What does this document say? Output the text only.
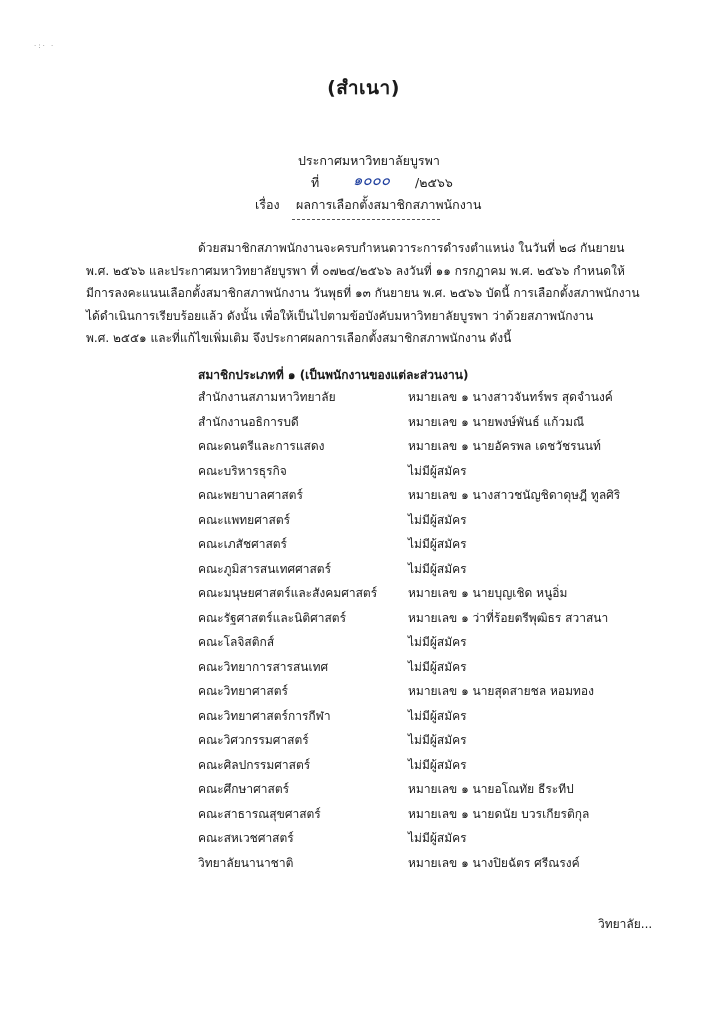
·:· ·
(สำเนา)
ประกาศมหาวิทยาลัยบูรพา
ที่ ๑๐๐๐ /๒๕๖๖
เรื่อง ผลการเลือกตั้งสมาชิกสภาพนักงาน
ด้วยสมาชิกสภาพนักงานจะครบกำหนดวาระการดำรงตำแหน่ง ในวันที่ ๒๘ กันยายน
พ.ศ. ๒๕๖๖ และประกาศมหาวิทยาลัยบูรพา ที่ ๐๗๒๔/๒๕๖๖ ลงวันที่ ๑๑ กรกฎาคม พ.ศ. ๒๕๖๖ กำหนดให้
มีการลงคะแนนเลือกตั้งสมาชิกสภาพนักงาน วันพุธที่ ๑๓ กันยายน พ.ศ. ๒๕๖๖ บัดนี้ การเลือกตั้งสภาพนักงาน
ได้ดำเนินการเรียบร้อยแล้ว ดังนั้น เพื่อให้เป็นไปตามข้อบังคับมหาวิทยาลัยบูรพา ว่าด้วยสภาพนักงาน
พ.ศ. ๒๕๕๑ และที่แก้ไขเพิ่มเติม จึงประกาศผลการเลือกตั้งสมาชิกสภาพนักงาน ดังนี้
สมาชิกประเภทที่ ๑ (เป็นพนักงานของแต่ละส่วนงาน)
สำนักงานสภามหาวิทยาลัย	หมายเลข ๑ นางสาวจันทร์พร สุดจำนงค์
สำนักงานอธิการบดี	หมายเลข ๑ นายพงษ์พันธ์ แก้วมณี
คณะดนตรีและการแสดง	หมายเลข ๑ นายอัครพล เดชวัชรนนท์
คณะบริหารธุรกิจ	ไม่มีผู้สมัคร
คณะพยาบาลศาสตร์	หมายเลข ๑ นางสาวชนัญชิดาดุษฎี ทูลศิริ
คณะแพทยศาสตร์	ไม่มีผู้สมัคร
คณะเภสัชศาสตร์	ไม่มีผู้สมัคร
คณะภูมิสารสนเทศศาสตร์	ไม่มีผู้สมัคร
คณะมนุษยศาสตร์และสังคมศาสตร์	หมายเลข ๑ นายบุญเชิด หนูอิ่ม
คณะรัฐศาสตร์และนิติศาสตร์	หมายเลข ๑ ว่าที่ร้อยตรีพุฒิธร สวาสนา
คณะโลจิสติกส์	ไม่มีผู้สมัคร
คณะวิทยาการสารสนเทศ	ไม่มีผู้สมัคร
คณะวิทยาศาสตร์	หมายเลข ๑ นายสุดสายชล หอมทอง
คณะวิทยาศาสตร์การกีฬา	ไม่มีผู้สมัคร
คณะวิศวกรรมศาสตร์	ไม่มีผู้สมัคร
คณะศิลปกรรมศาสตร์	ไม่มีผู้สมัคร
คณะศึกษาศาสตร์	หมายเลข ๑ นายอโณทัย ธีระทีป
คณะสาธารณสุขศาสตร์	หมายเลข ๑ นายดนัย บวรเกียรติกุล
คณะสหเวชศาสตร์	ไม่มีผู้สมัคร
วิทยาลัยนานาชาติ	หมายเลข ๑ นางปิยฉัตร ศรีณรงค์
วิทยาลัย...
